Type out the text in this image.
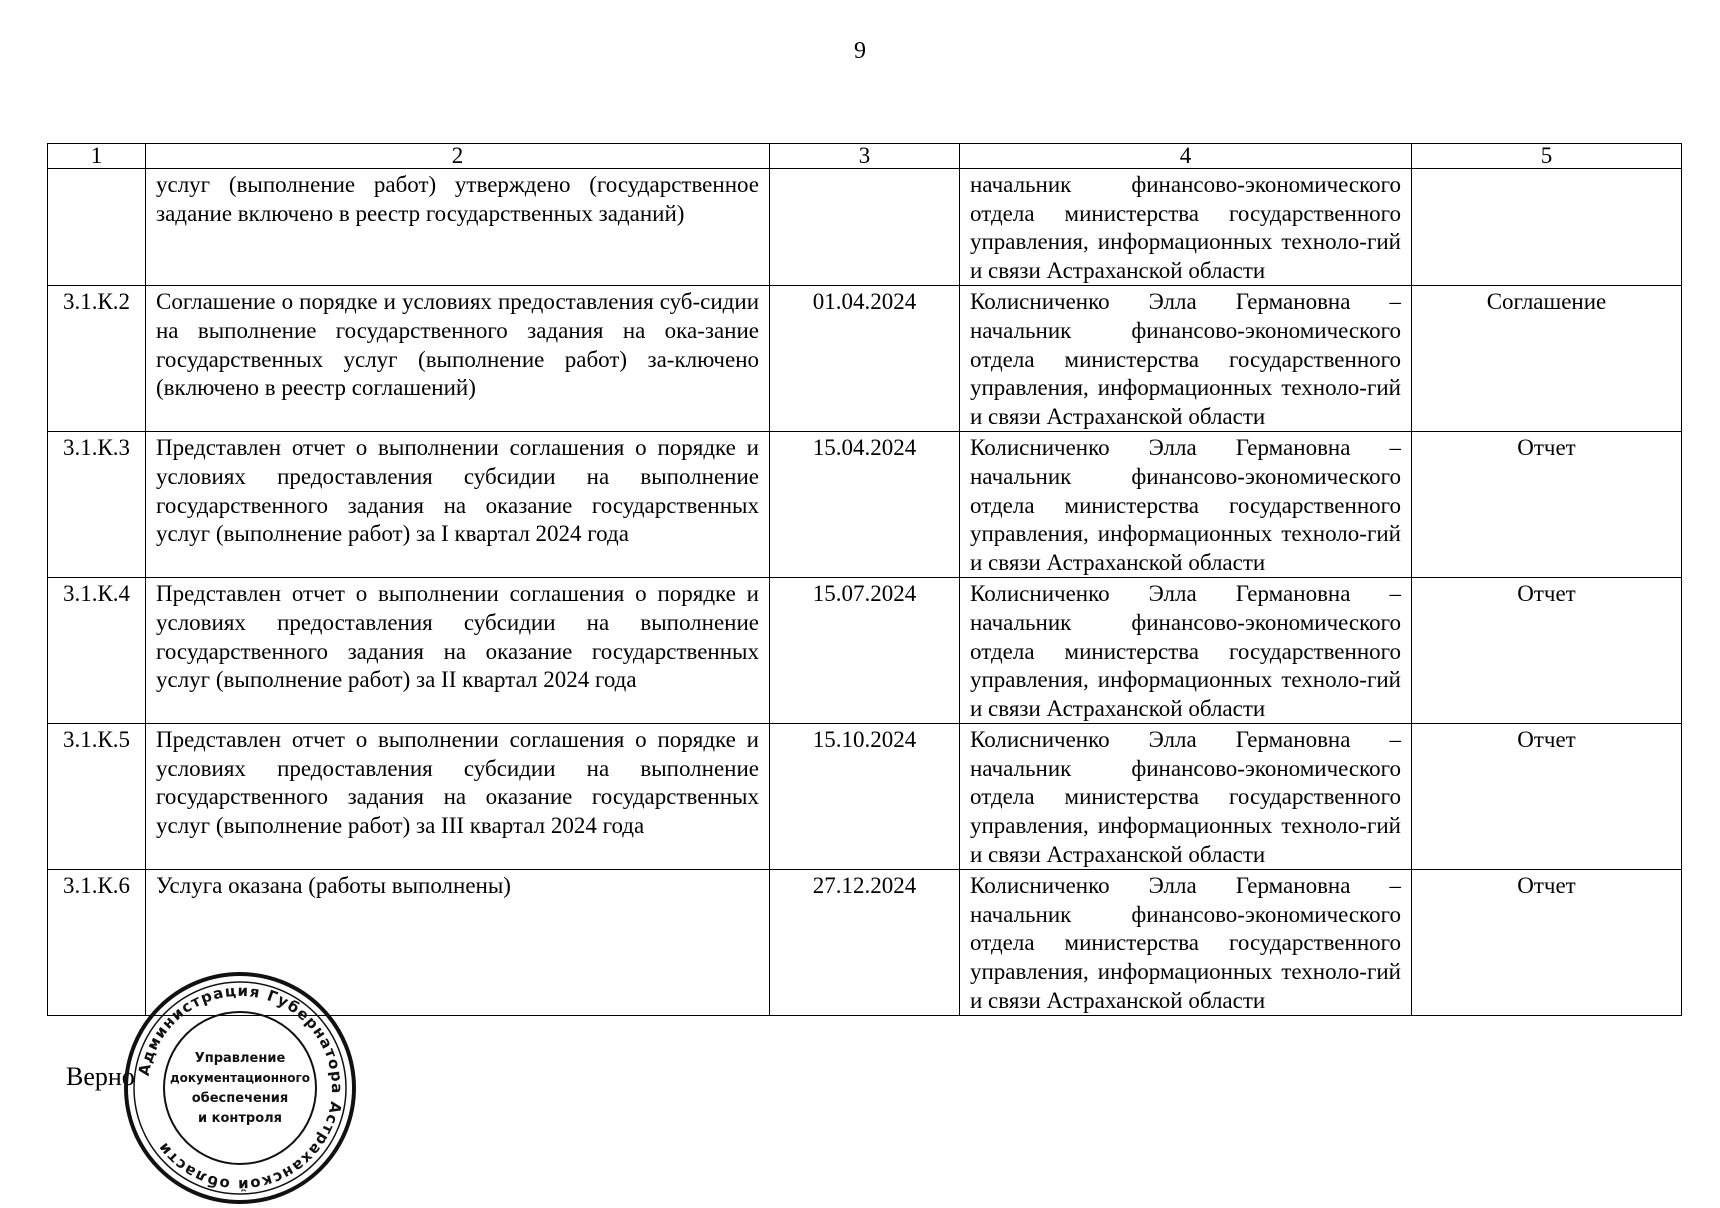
9
1	2	3	4	5
	услуг (выполнение работ) утверждено (государственное задание включено в реестр государственных заданий)		начальник финансово-экономического отдела министерства государственного управления, информационных техноло-гий и связи Астраханской области	
3.1.К.2	Соглашение о порядке и условиях предоставления суб-сидии на выполнение государственного задания на ока-зание государственных услуг (выполнение работ) за-ключено (включено в реестр соглашений)	01.04.2024	Колисниченко Элла Германовна – начальник финансово-экономического отдела министерства государственного управления, информационных техноло-гий и связи Астраханской области	Соглашение
3.1.К.3	Представлен отчет о выполнении соглашения о порядке и условиях предоставления субсидии на выполнение государственного задания на оказание государственных услуг (выполнение работ) за I квартал 2024 года	15.04.2024	Колисниченко Элла Германовна – начальник финансово-экономического отдела министерства государственного управления, информационных техноло-гий и связи Астраханской области	Отчет
3.1.К.4	Представлен отчет о выполнении соглашения о порядке и условиях предоставления субсидии на выполнение государственного задания на оказание государственных услуг (выполнение работ) за II квартал 2024 года	15.07.2024	Колисниченко Элла Германовна – начальник финансово-экономического отдела министерства государственного управления, информационных техноло-гий и связи Астраханской области	Отчет
3.1.К.5	Представлен отчет о выполнении соглашения о порядке и условиях предоставления субсидии на выполнение государственного задания на оказание государственных услуг (выполнение работ) за III квартал 2024 года	15.10.2024	Колисниченко Элла Германовна – начальник финансово-экономического отдела министерства государственного управления, информационных техноло-гий и связи Астраханской области	Отчет
3.1.К.6	Услуга оказана (работы выполнены)	27.12.2024	Колисниченко Элла Германовна – начальник финансово-экономического отдела министерства государственного управления, информационных техноло-гий и связи Астраханской области	Отчет
Верно Администрация Губернатора Астраханской области
Управление
документационного
обеспечения
и контроля
